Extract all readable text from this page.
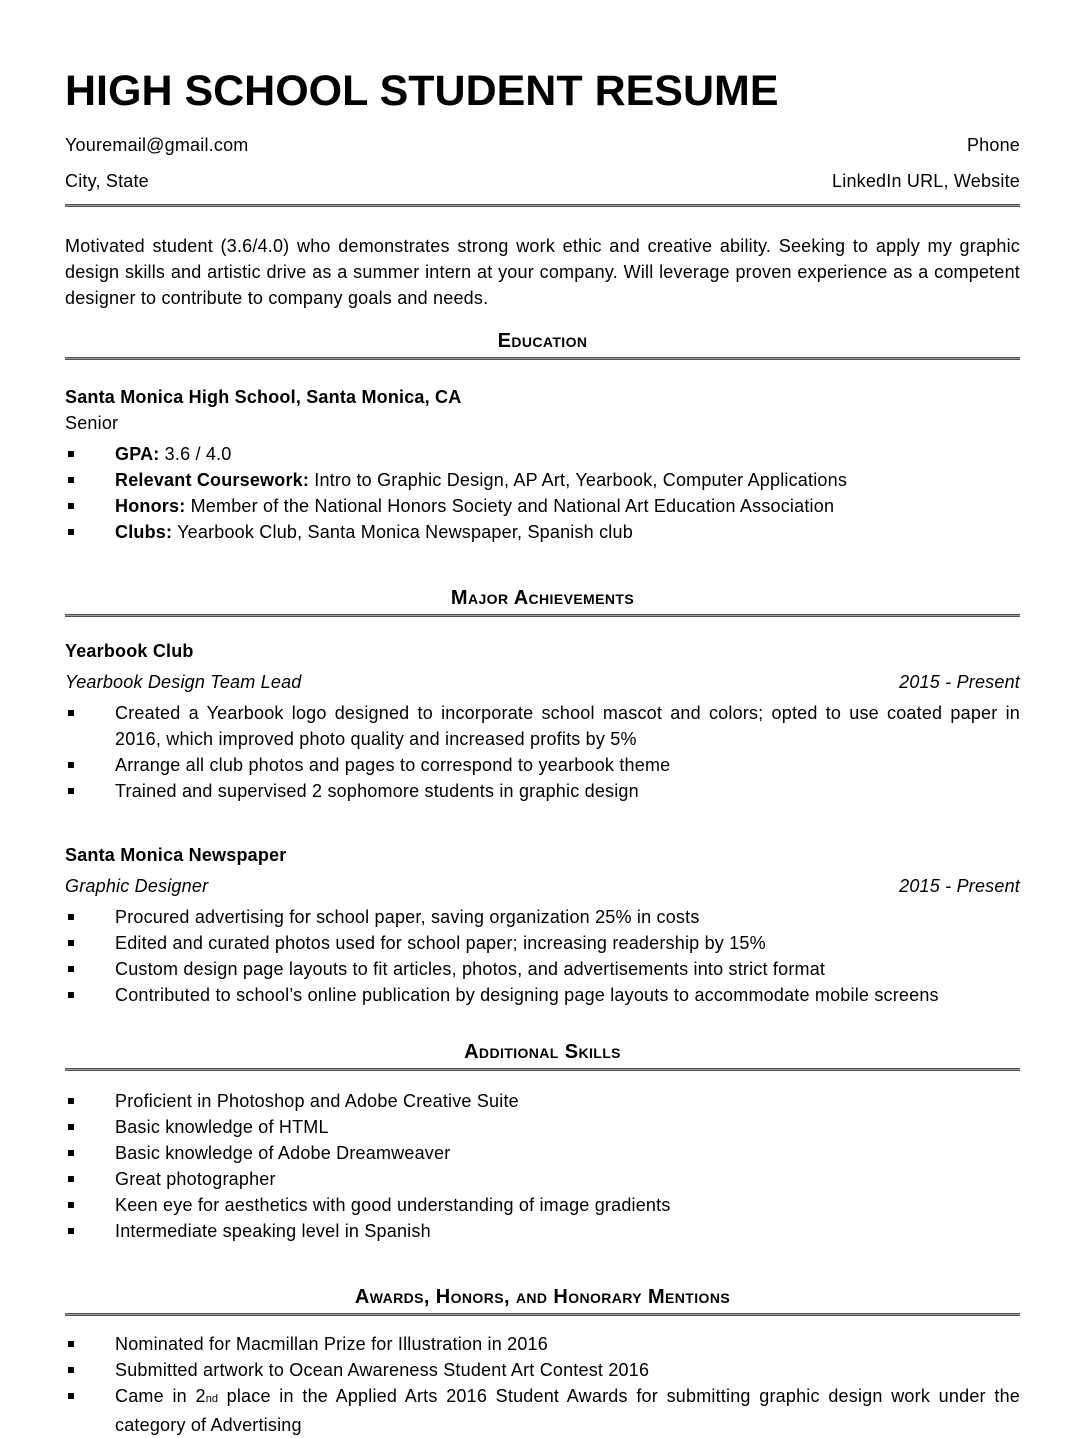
HIGH SCHOOL STUDENT RESUME
Youremail@gmail.com	Phone
City, State	LinkedIn URL, Website

Motivated student (3.6/4.0) who demonstrates strong work ethic and creative ability. Seeking to apply my graphic design skills and artistic drive as a summer intern at your company. Will leverage proven experience as a competent designer to contribute to company goals and needs.

Education
Santa Monica High School, Santa Monica, CA
Senior
GPA: 3.6 / 4.0
Relevant Coursework: Intro to Graphic Design, AP Art, Yearbook, Computer Applications
Honors: Member of the National Honors Society and National Art Education Association
Clubs: Yearbook Club, Santa Monica Newspaper, Spanish club
Major Achievements
Yearbook Club
Yearbook Design Team Lead	2015 - Present
Created a Yearbook logo designed to incorporate school mascot and colors; opted to use coated paper in 2016, which improved photo quality and increased profits by 5%
Arrange all club photos and pages to correspond to yearbook theme
Trained and supervised 2 sophomore students in graphic design
Santa Monica Newspaper
Graphic Designer	2015 - Present
Procured advertising for school paper, saving organization 25% in costs
Edited and curated photos used for school paper; increasing readership by 15%
Custom design page layouts to fit articles, photos, and advertisements into strict format
Contributed to school’s online publication by designing page layouts to accommodate mobile screens
Additional Skills
Proficient in Photoshop and Adobe Creative Suite
Basic knowledge of HTML
Basic knowledge of Adobe Dreamweaver
Great photographer
Keen eye for aesthetics with good understanding of image gradients
Intermediate speaking level in Spanish
Awards, Honors, and Honorary Mentions
Nominated for Macmillan Prize for Illustration in 2016
Submitted artwork to Ocean Awareness Student Art Contest 2016
Came in 2nd place in the Applied Arts 2016 Student Awards for submitting graphic design work under the category of Advertising
